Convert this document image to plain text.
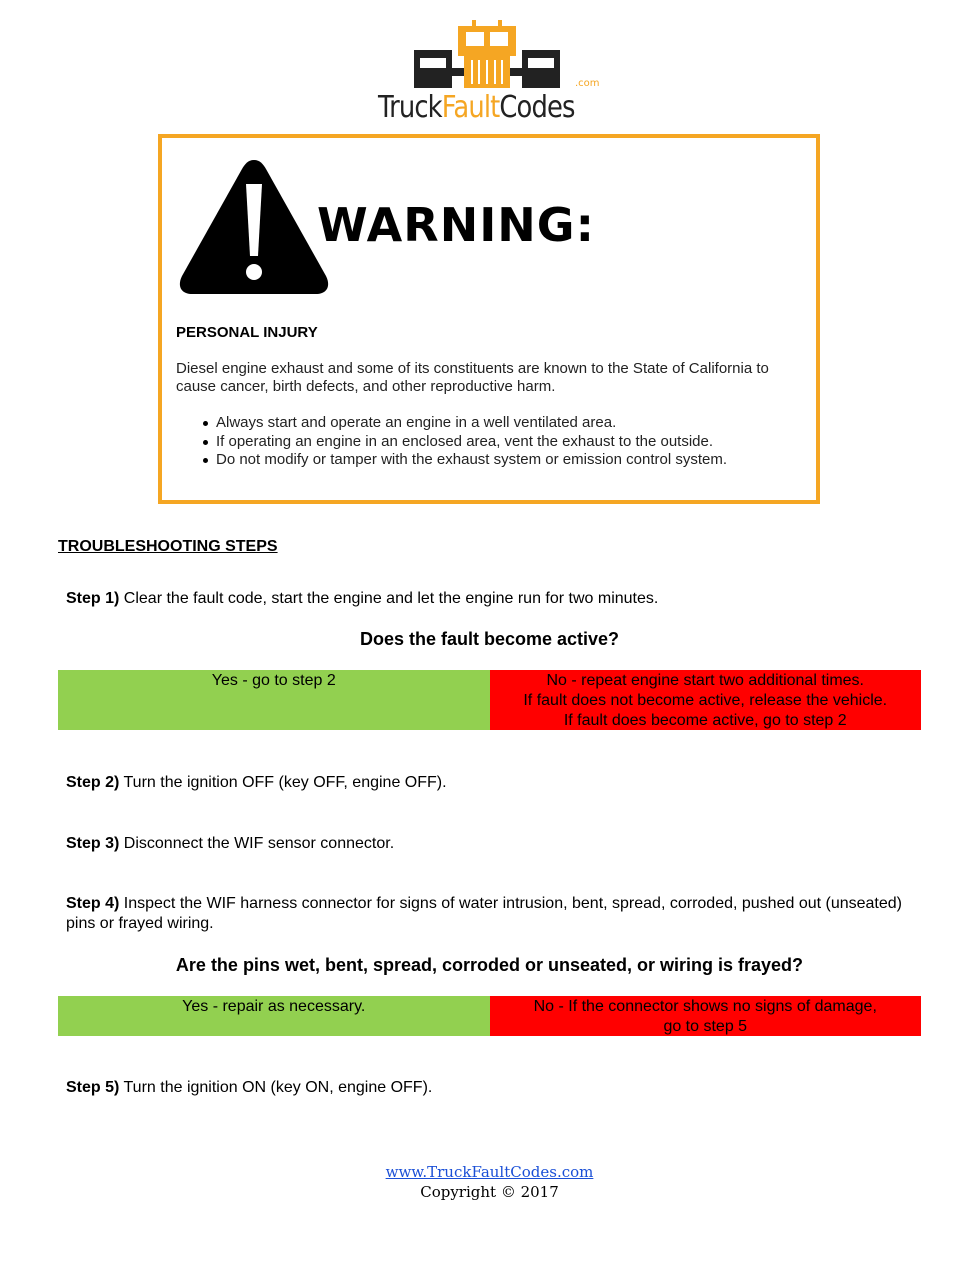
.com
TruckFaultCodes
WARNING:
PERSONAL INJURY
Diesel engine exhaust and some of its constituents are known to the State of California to cause cancer, birth defects, and other reproductive harm.
Always start and operate an engine in a well ventilated area.
If operating an engine in an enclosed area, vent the exhaust to the outside.
Do not modify or tamper with the exhaust system or emission control system.
TROUBLESHOOTING STEPS
Step 1) Clear the fault code, start the engine and let the engine run for two minutes.
Does the fault become active?
Yes - go to step 2	No - repeat engine start two additional times.
If fault does not become active, release the vehicle.
If fault does become active, go to step 2
Step 2) Turn the ignition OFF (key OFF, engine OFF).
Step 3) Disconnect the WIF sensor connector.
Step 4) Inspect the WIF harness connector for signs of water intrusion, bent, spread, corroded, pushed out (unseated) pins or frayed wiring.
Are the pins wet, bent, spread, corroded or unseated, or wiring is frayed?
Yes - repair as necessary.	No - If the connector shows no signs of damage,
go to step 5
Step 5) Turn the ignition ON (key ON, engine OFF).
www.TruckFaultCodes.com
Copyright © 2017
